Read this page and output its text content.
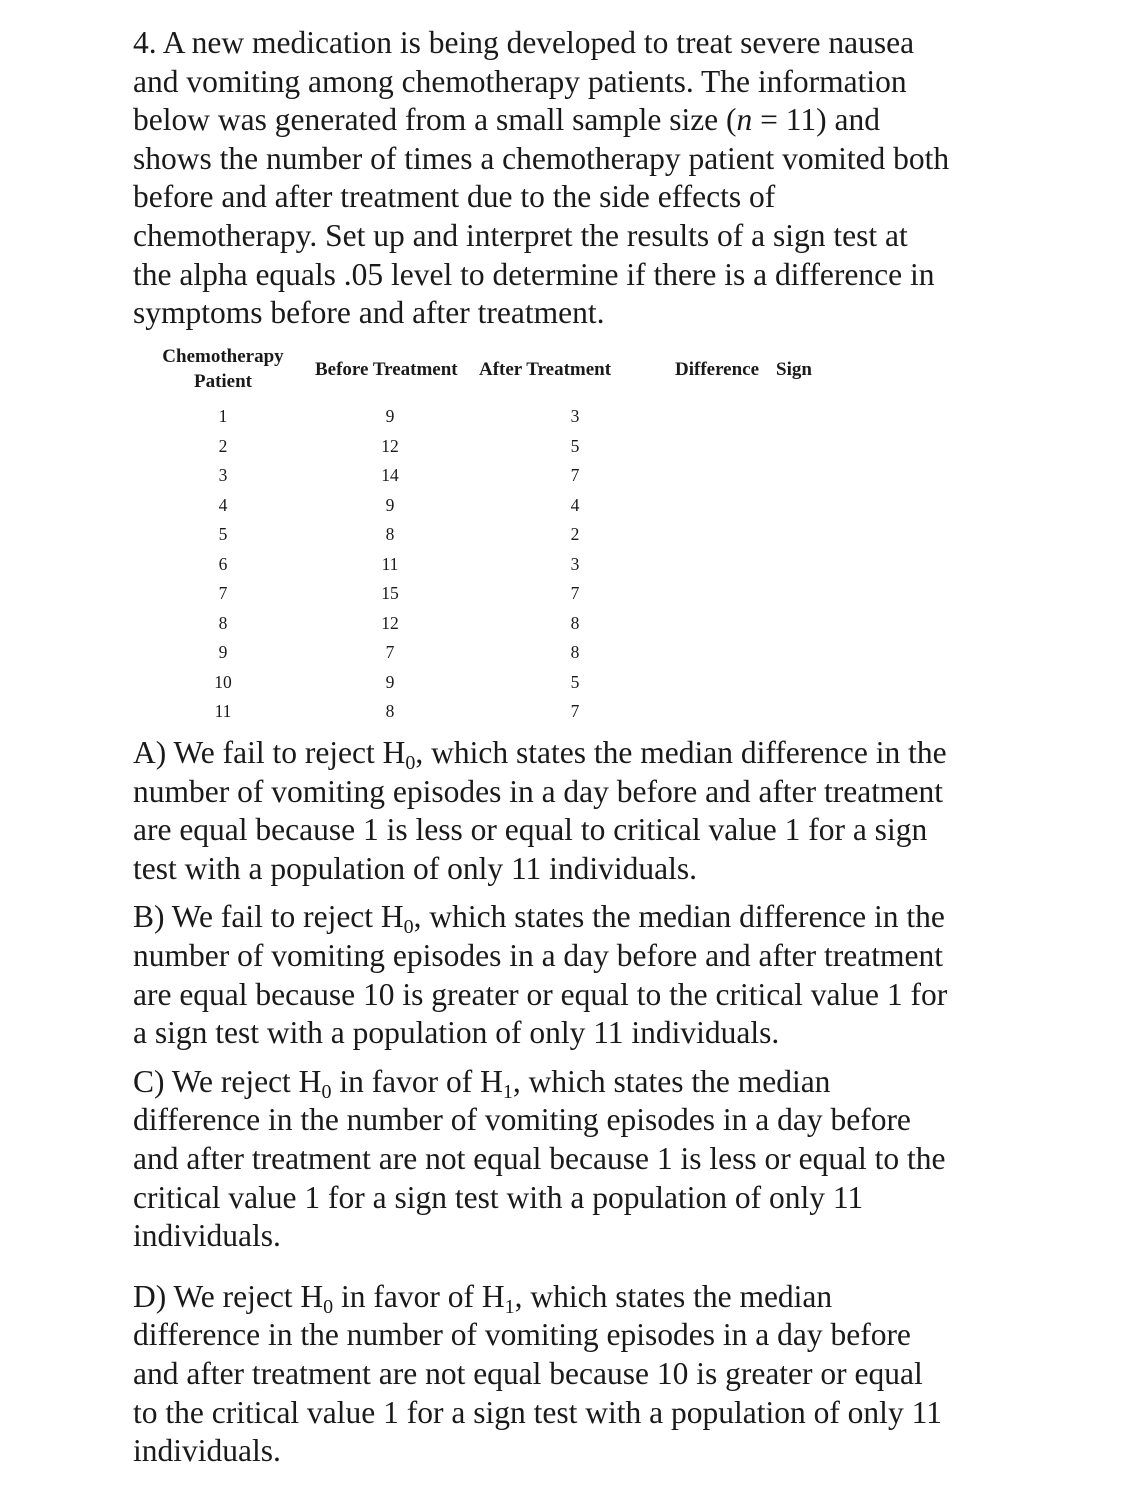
4. A new medication is being developed to treat severe nausea
and vomiting among chemotherapy patients. The information
below was generated from a small sample size (n = 11) and
shows the number of times a chemotherapy patient vomited both
before and after treatment due to the side effects of
chemotherapy. Set up and interpret the results of a sign test at
the alpha equals .05 level to determine if there is a difference in
symptoms before and after treatment.
Chemotherapy
Patient	Before Treatment	After Treatment	Difference	Sign
1	9	3		
2	12	5		
3	14	7		
4	9	4		
5	8	2		
6	11	3		
7	15	7		
8	12	8		
9	7	8		
10	9	5		
11	8	7		

A) We fail to reject H0, which states the median difference in the
number of vomiting episodes in a day before and after treatment
are equal because 1 is less or equal to critical value 1 for a sign
test with a population of only 11 individuals.

B) We fail to reject H0, which states the median difference in the
number of vomiting episodes in a day before and after treatment
are equal because 10 is greater or equal to the critical value 1 for
a sign test with a population of only 11 individuals.

C) We reject H0 in favor of H1, which states the median
difference in the number of vomiting episodes in a day before
and after treatment are not equal because 1 is less or equal to the
critical value 1 for a sign test with a population of only 11
individuals.

D) We reject H0 in favor of H1, which states the median
difference in the number of vomiting episodes in a day before
and after treatment are not equal because 10 is greater or equal
to the critical value 1 for a sign test with a population of only 11
individuals.
